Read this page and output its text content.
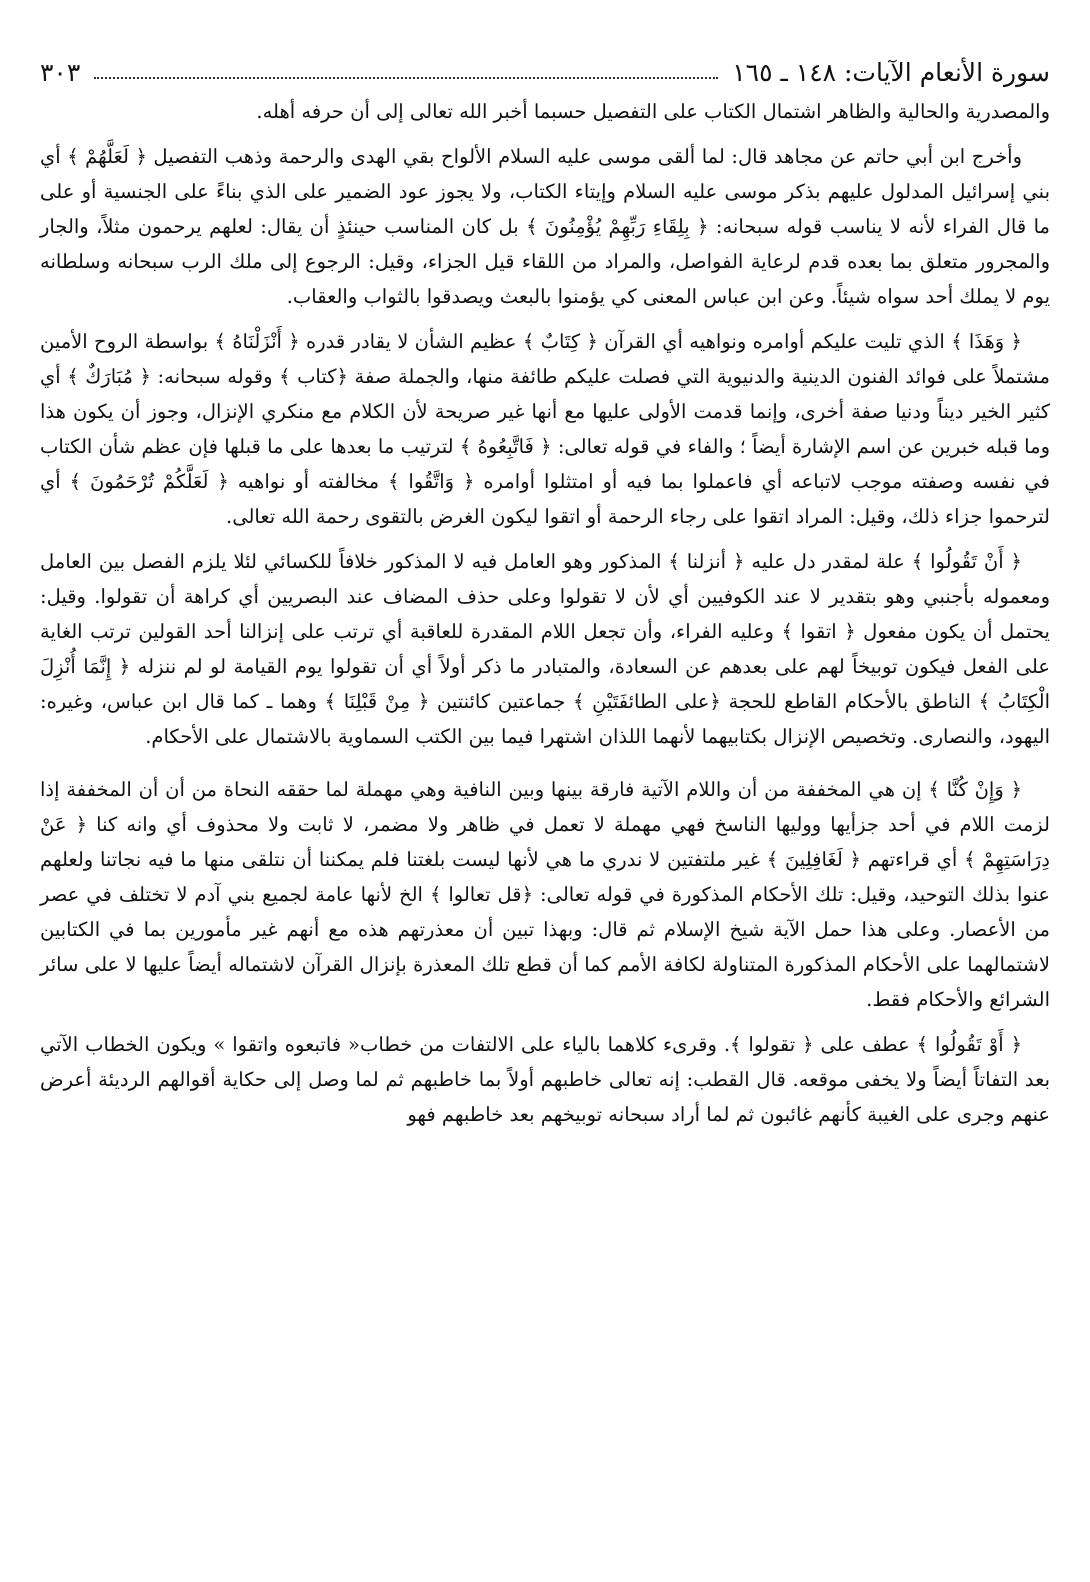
سورة الأنعام الآيات: ١٤٨ ـ ١٦٥
٣٠٣

والمصدرية والحالية والظاهر اشتمال الكتاب على التفصيل حسبما أخبر الله تعالى إلى أن حرفه أهله.

وأخرج ابن أبي حاتم عن مجاهد قال: لما ألقى موسى عليه السلام الألواح بقي الهدى والرحمة وذهب التفصيل ﴿ لَعَلَّهُمْ ﴾ أي بني إسرائيل المدلول عليهم بذكر موسى عليه السلام وإيتاء الكتاب، ولا يجوز عود الضمير على الذي بناءً على الجنسية أو على ما قال الفراء لأنه لا يناسب قوله سبحانه: ﴿ بِلِقَاءِ رَبِّهِمْ يُؤْمِنُونَ ﴾ بل كان المناسب حينئذٍ أن يقال: لعلهم يرحمون مثلاً، والجار والمجرور متعلق بما بعده قدم لرعاية الفواصل، والمراد من اللقاء قيل الجزاء، وقيل: الرجوع إلى ملك الرب سبحانه وسلطانه يوم لا يملك أحد سواه شيئاً. وعن ابن عباس المعنى كي يؤمنوا بالبعث ويصدقوا بالثواب والعقاب.

﴿ وَهَذَا ﴾ الذي تليت عليكم أوامره ونواهيه أي القرآن ﴿ كِتَابٌ ﴾ عظيم الشأن لا يقادر قدره ﴿ أَنْزَلْنَاهُ ﴾ بواسطة الروح الأمين مشتملاً على فوائد الفنون الدينية والدنيوية التي فصلت عليكم طائفة منها، والجملة صفة ﴿كتاب ﴾ وقوله سبحانه: ﴿ مُبَارَكٌ ﴾ أي كثير الخير ديناً ودنيا صفة أخرى، وإنما قدمت الأولى عليها مع أنها غير صريحة لأن الكلام مع منكري الإنزال، وجوز أن يكون هذا وما قبله خبرين عن اسم الإشارة أيضاً ؛ والفاء في قوله تعالى: ﴿ فَاتَّبِعُوهُ ﴾ لترتيب ما بعدها على ما قبلها فإن عظم شأن الكتاب في نفسه وصفته موجب لاتباعه أي فاعملوا بما فيه أو امتثلوا أوامره ﴿ وَاتَّقُوا ﴾ مخالفته أو نواهيه ﴿ لَعَلَّكُمْ تُرْحَمُونَ ﴾ أي لترحموا جزاء ذلك، وقيل: المراد اتقوا على رجاء الرحمة أو اتقوا ليكون الغرض بالتقوى رحمة الله تعالى.

﴿ أَنْ تَقُولُوا ﴾ علة لمقدر دل عليه ﴿ أنزلنا ﴾ المذكور وهو العامل فيه لا المذكور خلافاً للكسائي لئلا يلزم الفصل بين العامل ومعموله بأجنبي وهو بتقدير لا عند الكوفيين أي لأن لا تقولوا وعلى حذف المضاف عند البصريين أي كراهة أن تقولوا. وقيل: يحتمل أن يكون مفعول ﴿ اتقوا ﴾ وعليه الفراء، وأن تجعل اللام المقدرة للعاقبة أي ترتب على إنزالنا أحد القولين ترتب الغاية على الفعل فيكون توبيخاً لهم على بعدهم عن السعادة، والمتبادر ما ذكر أولاً أي أن تقولوا يوم القيامة لو لم ننزله ﴿ إِنَّمَا أُنْزِلَ الْكِتَابُ ﴾ الناطق بالأحكام القاطع للحجة ﴿على الطائفَتَيْنِ ﴾ جماعتين كائنتين ﴿ مِنْ قَبْلِنَا ﴾ وهما ـ كما قال ابن عباس، وغيره: اليهود، والنصارى. وتخصيص الإنزال بكتابيهما لأنهما اللذان اشتهرا فيما بين الكتب السماوية بالاشتمال على الأحكام.

﴿ وَإِنْ كُنَّا ﴾ إن هي المخففة من أن واللام الآتية فارقة بينها وبين النافية وهي مهملة لما حققه النحاة من أن أن المخففة إذا لزمت اللام في أحد جزأيها ووليها الناسخ فهي مهملة لا تعمل في ظاهر ولا مضمر، لا ثابت ولا محذوف أي وانه كنا ﴿ عَنْ دِرَاسَتِهِمْ ﴾ أي قراءتهم ﴿ لَغَافِلِينَ ﴾ غير ملتفتين لا ندري ما هي لأنها ليست بلغتنا فلم يمكننا أن نتلقى منها ما فيه نجاتنا ولعلهم عنوا بذلك التوحيد، وقيل: تلك الأحكام المذكورة في قوله تعالى: ﴿قل تعالوا ﴾ الخ لأنها عامة لجميع بني آدم لا تختلف في عصر من الأعصار. وعلى هذا حمل الآية شيخ الإسلام ثم قال: وبهذا تبين أن معذرتهم هذه مع أنهم غير مأمورين بما في الكتابين لاشتمالهما على الأحكام المذكورة المتناولة لكافة الأمم كما أن قطع تلك المعذرة بإنزال القرآن لاشتماله أيضاً عليها لا على سائر الشرائع والأحكام فقط.

﴿ أَوْ تَقُولُوا ﴾ عطف على ﴿ تقولوا ﴾. وقرىء كلاهما بالياء على الالتفات من خطاب« فاتبعوه واتقوا » ويكون الخطاب الآتي بعد التفاتاً أيضاً ولا يخفى موقعه. قال القطب: إنه تعالى خاطبهم أولاً بما خاطبهم ثم لما وصل إلى حكاية أقوالهم الرديئة أعرض عنهم وجرى على الغيبة كأنهم غائبون ثم لما أراد سبحانه توبيخهم بعد خاطبهم فهو
